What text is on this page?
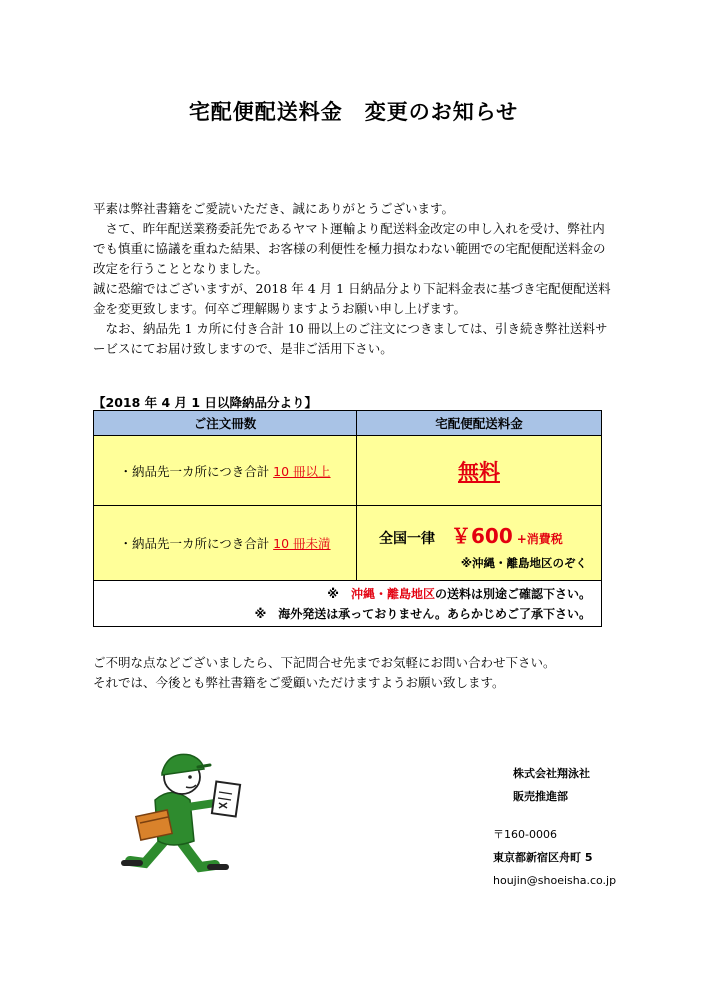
宅配便配送料金　変更のお知らせ

平素は弊社書籍をご愛読いただき、誠にありがとうございます。

さて、昨年配送業務委託先であるヤマト運輸より配送料金改定の申し入れを受け、弊社内でも慎重に協議を重ねた結果、お客様の利便性を極力損なわない範囲での宅配便配送料金の改定を行うこととなりました。

誠に恐縮ではございますが、2018 年 4 月 1 日納品分より下記料金表に基づき宅配便配送料金を変更致します。何卒ご理解賜りますようお願い申し上げます。

なお、納品先 1 カ所に付き合計 10 冊以上のご注文につきましては、引き続き弊社送料サービスにてお届け致しますので、是非ご活用下さい。

【2018 年 4 月 1 日以降納品分より】
ご注文冊数	宅配便配送料金
・納品先一カ所につき合計 10 冊以上	無料
・納品先一カ所につき合計 10 冊未満	全国一律 ￥600 +消費税
※沖縄・離島地区のぞく

※　沖縄・離島地区の送料は別途ご確認下さい。
※　海外発送は承っておりません。あらかじめご了承下さい。	

ご不明な点などございましたら、下記問合せ先までお気軽にお問い合わせ下さい。

それでは、今後とも弊社書籍をご愛顧いただけますようお願い致します。

株式会社翔泳社
販売推進部
〒160-0006
東京都新宿区舟町 5
houjin@shoeisha.co.jp
